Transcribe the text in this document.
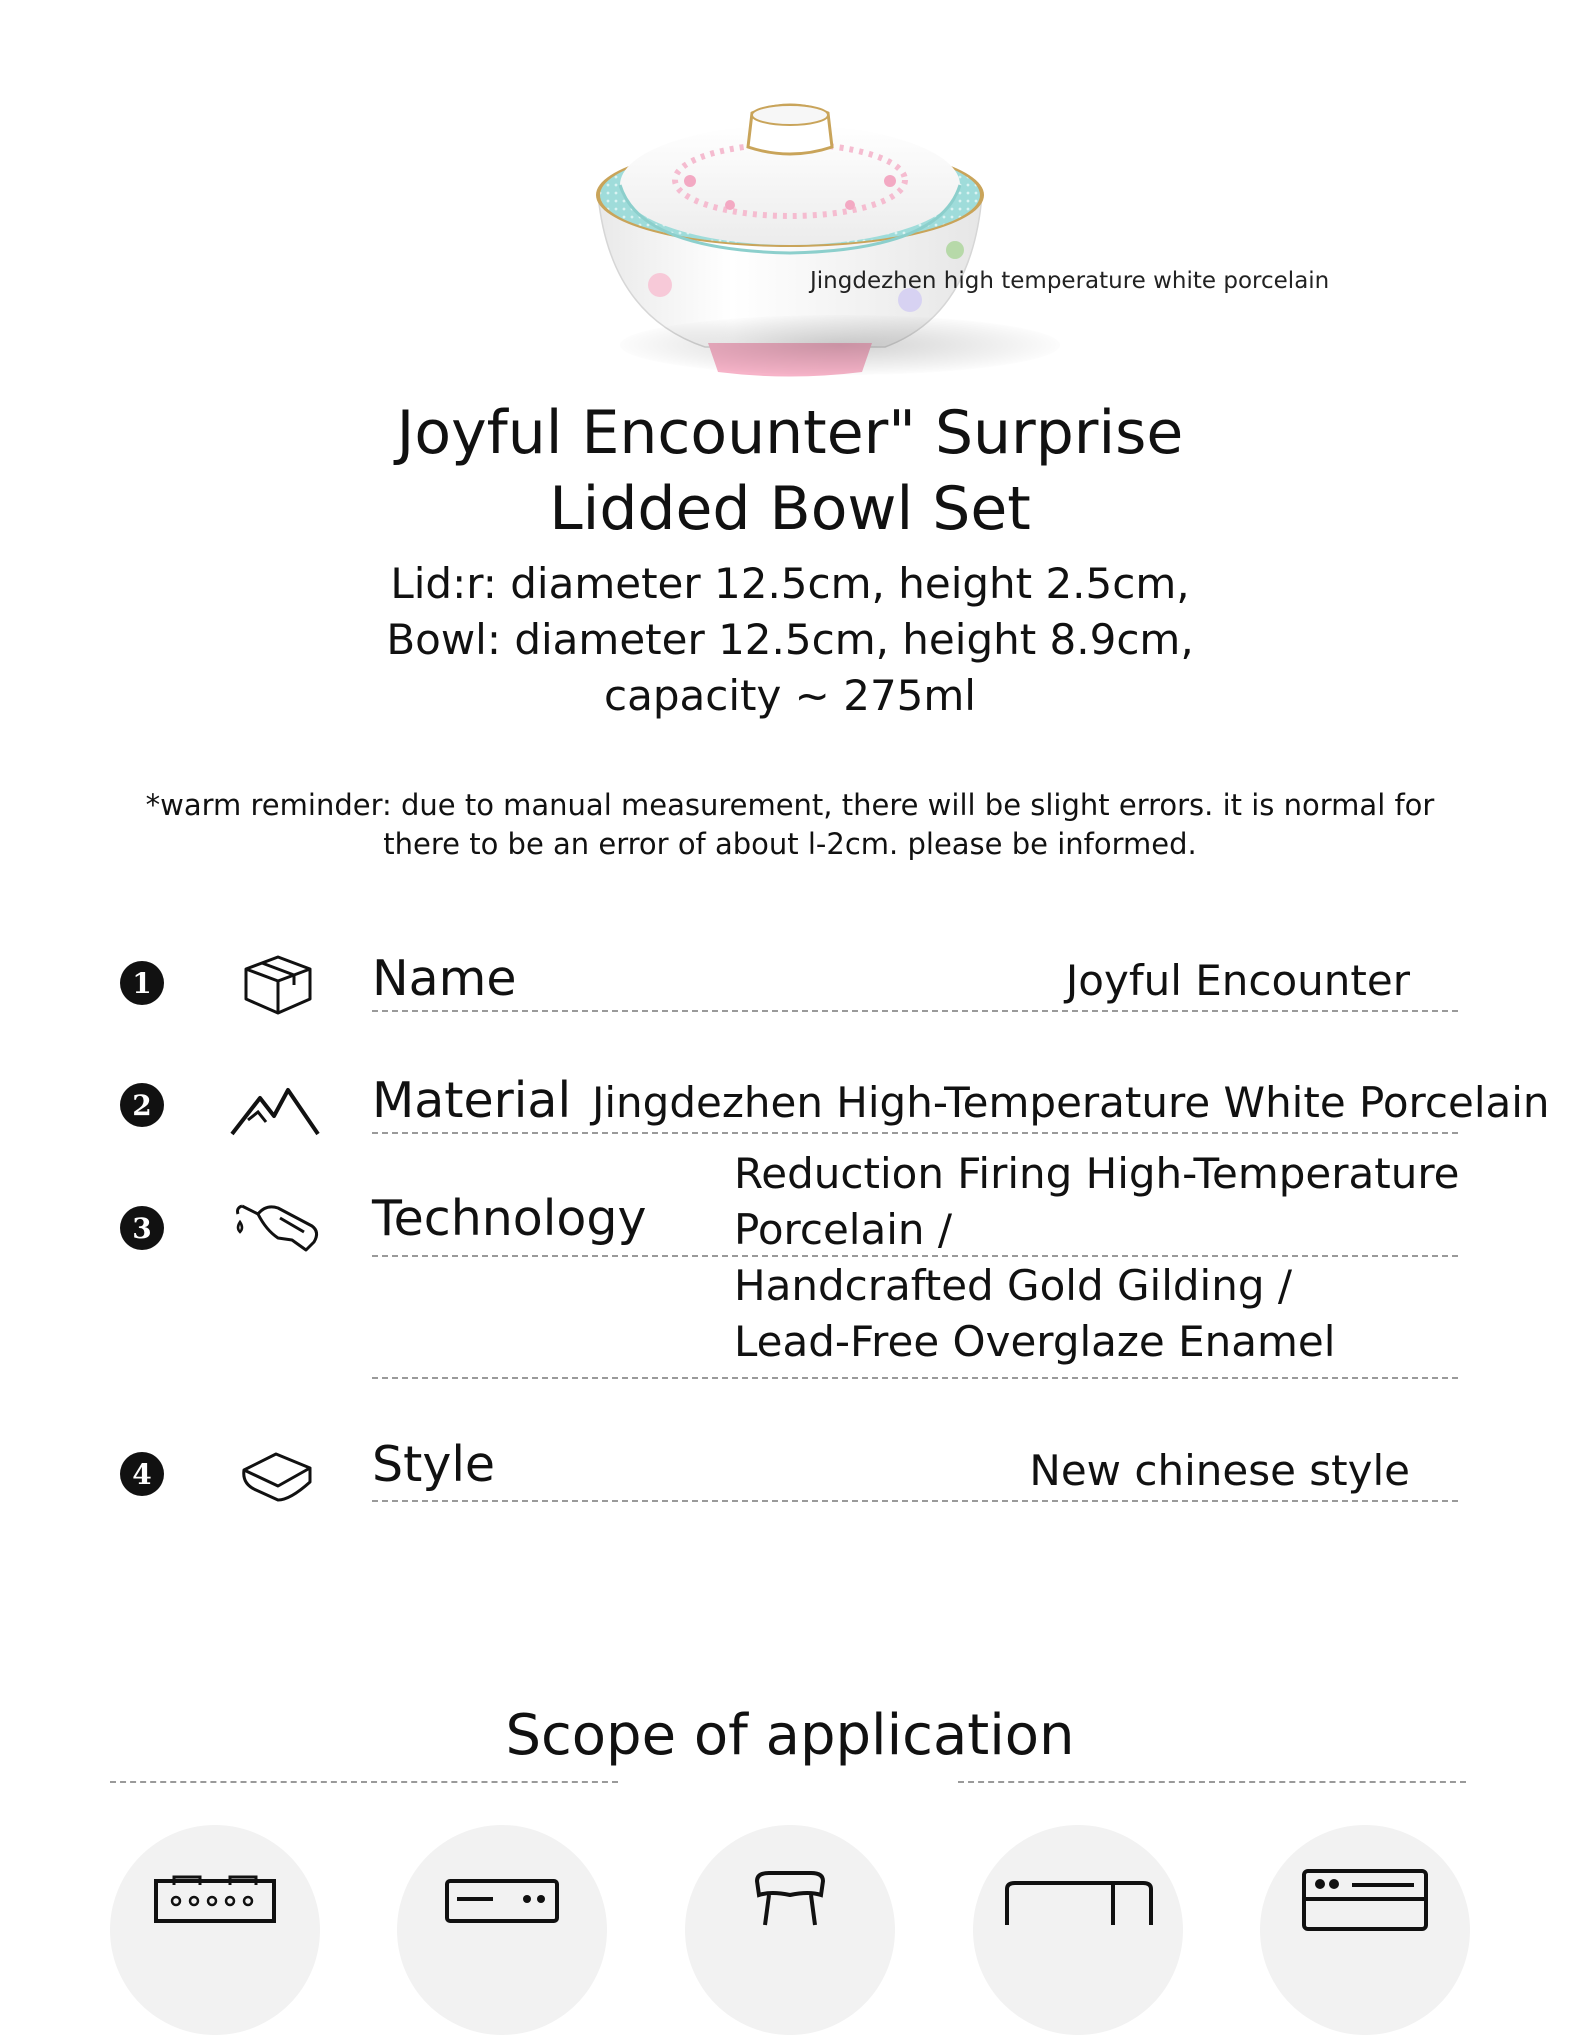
Jingdezhen high temperature white porcelain
Joyful Encounter" Surprise
Lidded Bowl Set
Lid:r: diameter 12.5cm, height 2.5cm,
Bowl: diameter 12.5cm, height 8.9cm,
capacity ~ 275ml
*warm reminder: due to manual measurement, there will be slight errors. it is normal for
there to be an error of about l-2cm. please be informed.
1	Name	Joyful Encounter
2	Material Jingdezhen High-Temperature White Porcelain
3	Technology
Reduction Firing High-Temperature
Porcelain /
Handcrafted Gold Gilding /
Lead-Free Overglaze Enamel
4	Style	New chinese style
Scope of application
